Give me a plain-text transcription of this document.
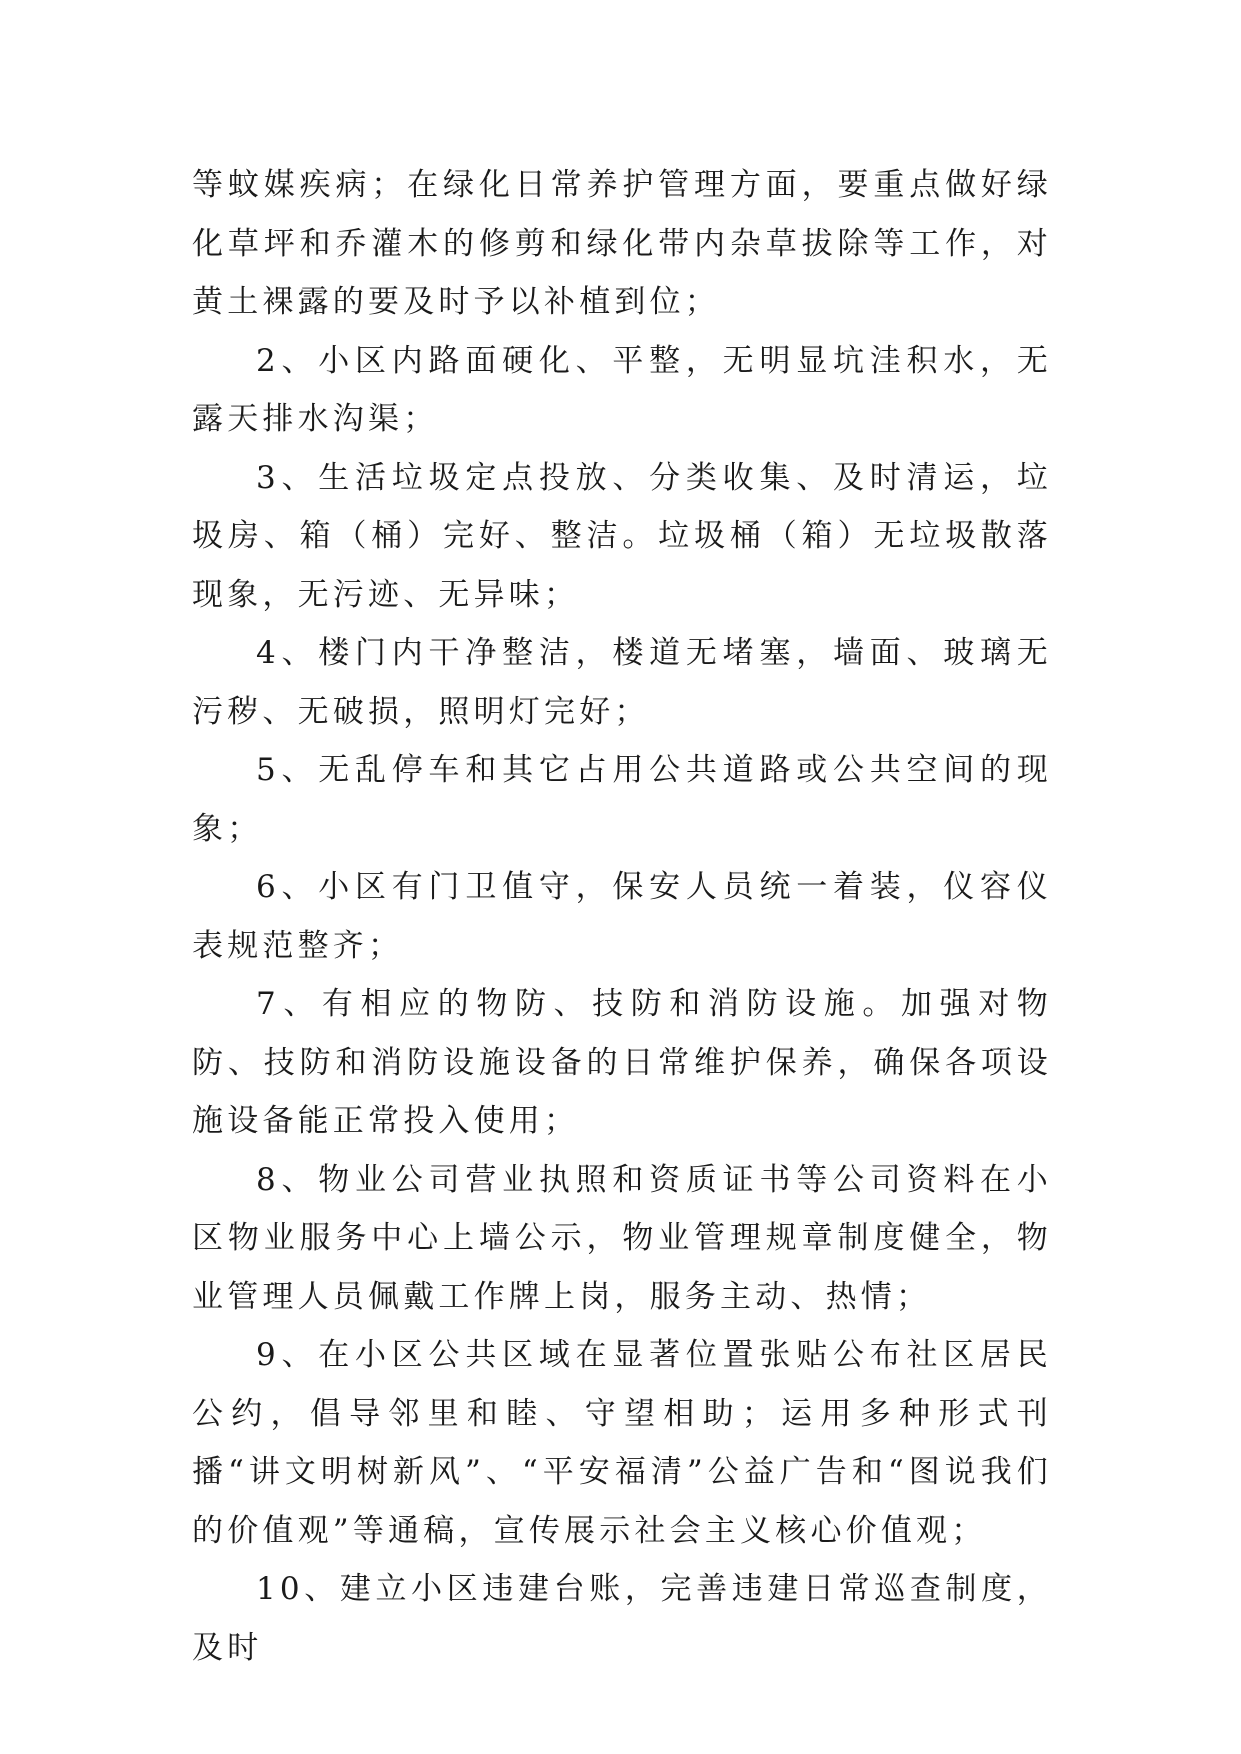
等蚊媒疾病；在绿化日常养护管理方面，要重点做好绿化草坪和乔灌木的修剪和绿化带内杂草拔除等工作，对黄土裸露的要及时予以补植到位；

2、小区内路面硬化、平整，无明显坑洼积水，无露天排水沟渠；

3、生活垃圾定点投放、分类收集、及时清运，垃圾房、箱（桶）完好、整洁。垃圾桶（箱）无垃圾散落现象，无污迹、无异味；

4、楼门内干净整洁，楼道无堵塞，墙面、玻璃无污秽、无破损，照明灯完好；

5、无乱停车和其它占用公共道路或公共空间的现象；

6、小区有门卫值守，保安人员统一着装，仪容仪表规范整齐；

7、有相应的物防、技防和消防设施。加强对物防、技防和消防设施设备的日常维护保养，确保各项设施设备能正常投入使用；

8、物业公司营业执照和资质证书等公司资料在小区物业服务中心上墙公示，物业管理规章制度健全，物业管理人员佩戴工作牌上岗，服务主动、热情；

9、在小区公共区域在显著位置张贴公布社区居民公约，倡导邻里和睦、守望相助；运用多种形式刊播“讲文明树新风”、“平安福清”公益广告和“图说我们的价值观”等通稿，宣传展示社会主义核心价值观；

10、建立小区违建台账，完善违建日常巡查制度，及时
